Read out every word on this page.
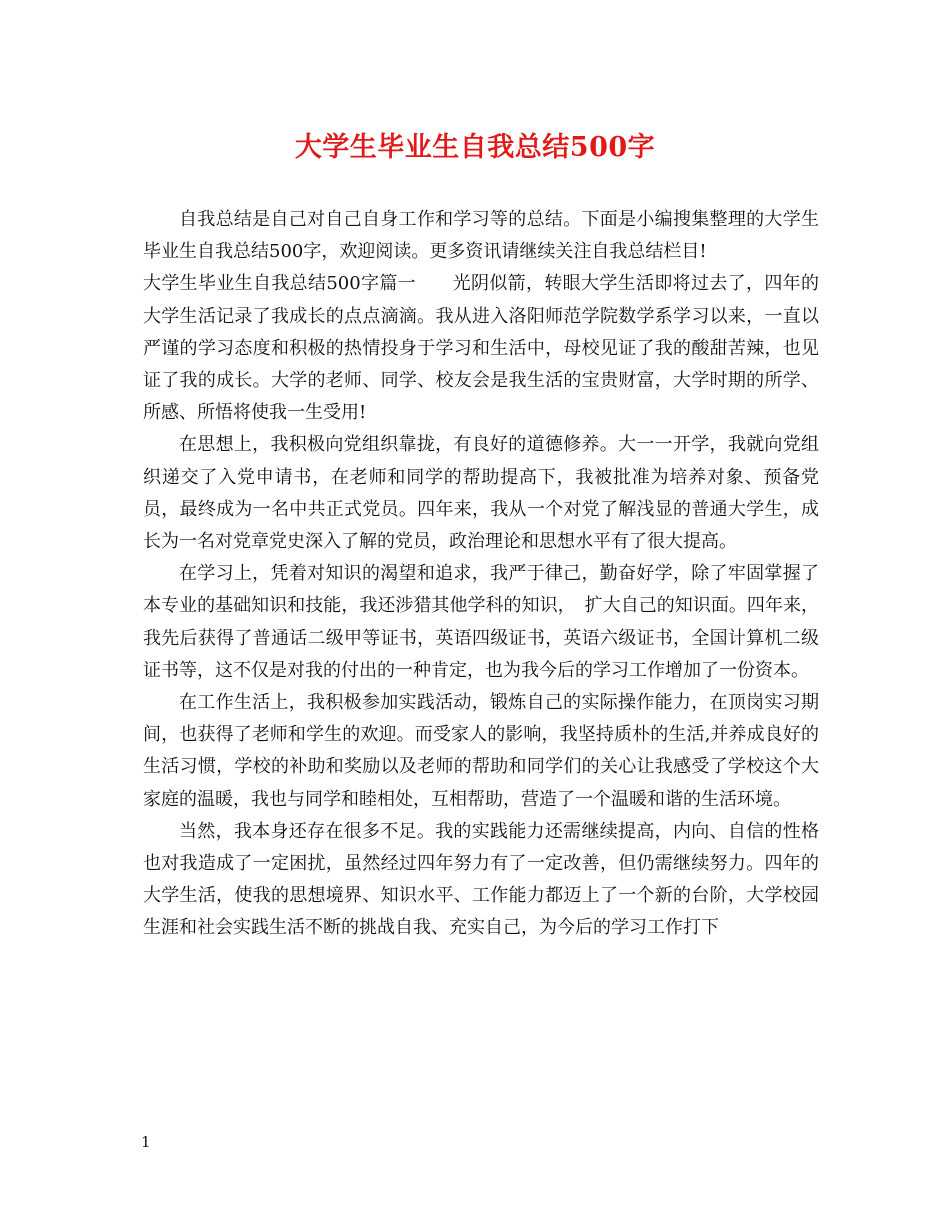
大学生毕业生自我总结500字

自我总结是自己对自己自身工作和学习等的总结。下面是小编搜集整理的大学生毕业生自我总结500字，欢迎阅读。更多资讯请继续关注自我总结栏目!

大学生毕业生自我总结500字篇一　　光阴似箭，转眼大学生活即将过去了，四年的大学生活记录了我成长的点点滴滴。我从进入洛阳师范学院数学系学习以来，一直以严谨的学习态度和积极的热情投身于学习和生活中，母校见证了我的酸甜苦辣，也见证了我的成长。大学的老师、同学、校友会是我生活的宝贵财富，大学时期的所学、所感、所悟将使我一生受用!

在思想上，我积极向党组织靠拢，有良好的道德修养。大一一开学，我就向党组织递交了入党申请书，在老师和同学的帮助提高下，我被批准为培养对象、预备党员，最终成为一名中共正式党员。四年来，我从一个对党了解浅显的普通大学生，成长为一名对党章党史深入了解的党员，政治理论和思想水平有了很大提高。

在学习上，凭着对知识的渴望和追求，我严于律己，勤奋好学，除了牢固掌握了本专业的基础知识和技能，我还涉猎其他学科的知识，　扩大自己的知识面。四年来，我先后获得了普通话二级甲等证书，英语四级证书，英语六级证书，全国计算机二级证书等，这不仅是对我的付出的一种肯定，也为我今后的学习工作增加了一份资本。

在工作生活上，我积极参加实践活动，锻炼自己的实际操作能力，在顶岗实习期间，也获得了老师和学生的欢迎。而受家人的影响，我坚持质朴的生活,并养成良好的生活习惯，学校的补助和奖励以及老师的帮助和同学们的关心让我感受了学校这个大家庭的温暖，我也与同学和睦相处，互相帮助，营造了一个温暖和谐的生活环境。

当然，我本身还存在很多不足。我的实践能力还需继续提高，内向、自信的性格也对我造成了一定困扰，虽然经过四年努力有了一定改善，但仍需继续努力。四年的大学生活，使我的思想境界、知识水平、工作能力都迈上了一个新的台阶，大学校园生涯和社会实践生活不断的挑战自我、充实自己，为今后的学习工作打下

1
